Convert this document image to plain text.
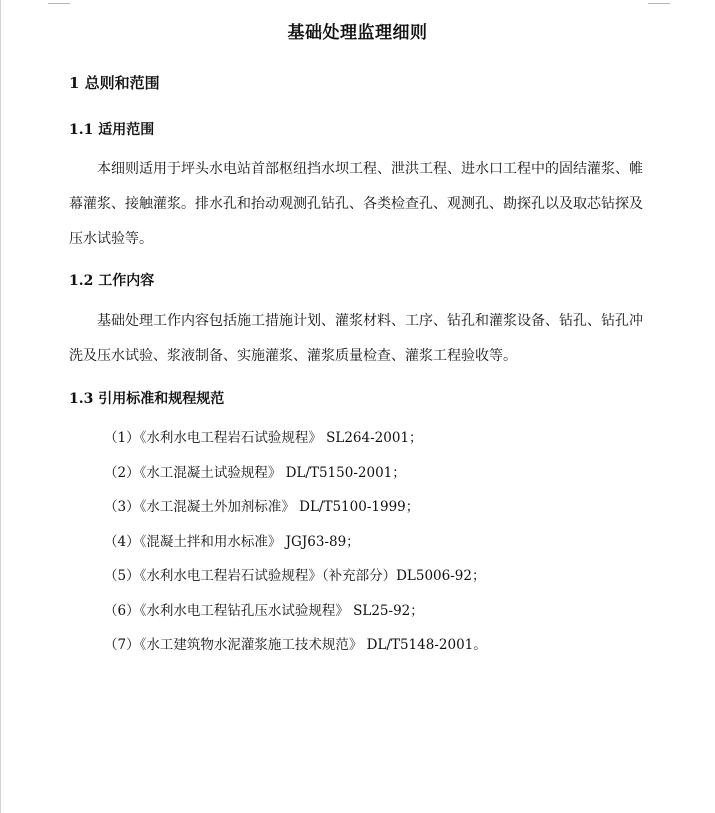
基础处理监理细则
1 总则和范围
1.1 适用范围

本细则适用于坪头水电站首部枢纽挡水坝工程、泄洪工程、进水口工程中的固结灌浆、帷幕灌浆、接触灌浆。排水孔和抬动观测孔钻孔、各类检查孔、观测孔、勘探孔以及取芯钻探及压水试验等。

1.2 工作内容

基础处理工作内容包括施工措施计划、灌浆材料、工序、钻孔和灌浆设备、钻孔、钻孔冲洗及压水试验、浆液制备、实施灌浆、灌浆质量检查、灌浆工程验收等。

1.3 引用标准和规程规范
（1）《水利水电工程岩石试验规程》 SL264-2001；
（2）《水工混凝土试验规程》 DL/T5150-2001；
（3）《水工混凝土外加剂标准》 DL/T5100-1999；
（4）《混凝土拌和用水标准》 JGJ63-89；
（5）《水利水电工程岩石试验规程》（补充部分）DL5006-92；
（6）《水利水电工程钻孔压水试验规程》 SL25-92；
（7）《水工建筑物水泥灌浆施工技术规范》 DL/T5148-2001。
